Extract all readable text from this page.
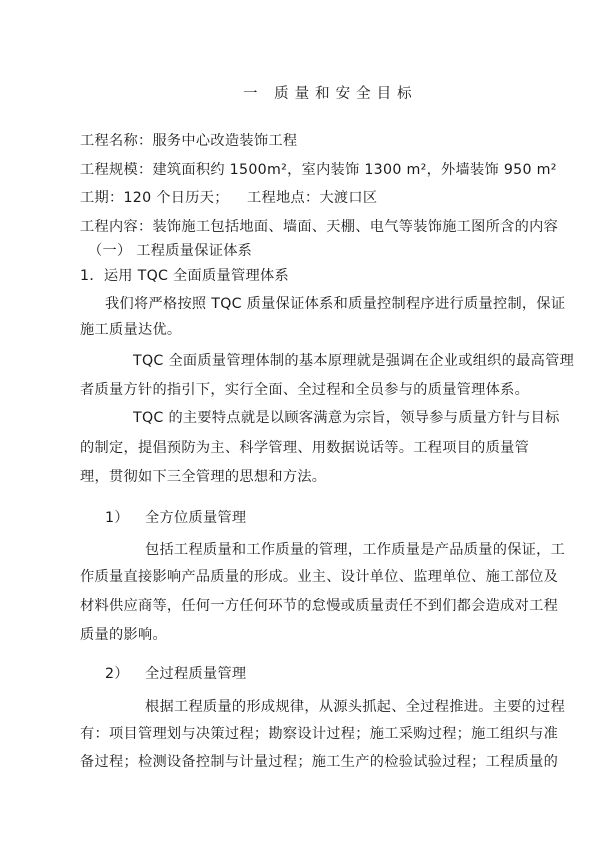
一 质量和安全目标
工程名称：服务中心改造装饰工程
工程规模：建筑面积约 1500m²，室内装饰 1300 m²，外墙装饰 950 m²
工期：120 个日历天； 工程地点：大渡口区
工程内容：装饰施工包括地面、墙面、天棚、电气等装饰施工图所含的内容
（一） 工程质量保证体系
1．运用 TQC 全面质量管理体系
我们将严格按照 TQC 质量保证体系和质量控制程序进行质量控制，保证
施工质量达优。
TQC 全面质量管理体制的基本原理就是强调在企业或组织的最高管理
者质量方针的指引下，实行全面、全过程和全员参与的质量管理体系。
TQC 的主要特点就是以顾客满意为宗旨，领导参与质量方针与目标
的制定，提倡预防为主、科学管理、用数据说话等。工程项目的质量管
理，贯彻如下三全管理的思想和方法。
1） 全方位质量管理
包括工程质量和工作质量的管理，工作质量是产品质量的保证，工
作质量直接影响产品质量的形成。业主、设计单位、监理单位、施工部位及
材料供应商等，任何一方任何环节的怠慢或质量责任不到们都会造成对工程
质量的影响。
2） 全过程质量管理
根据工程质量的形成规律，从源头抓起、全过程推进。主要的过程
有：项目管理划与决策过程；勘察设计过程；施工采购过程；施工组织与准
备过程；检测设备控制与计量过程；施工生产的检验试验过程；工程质量的
